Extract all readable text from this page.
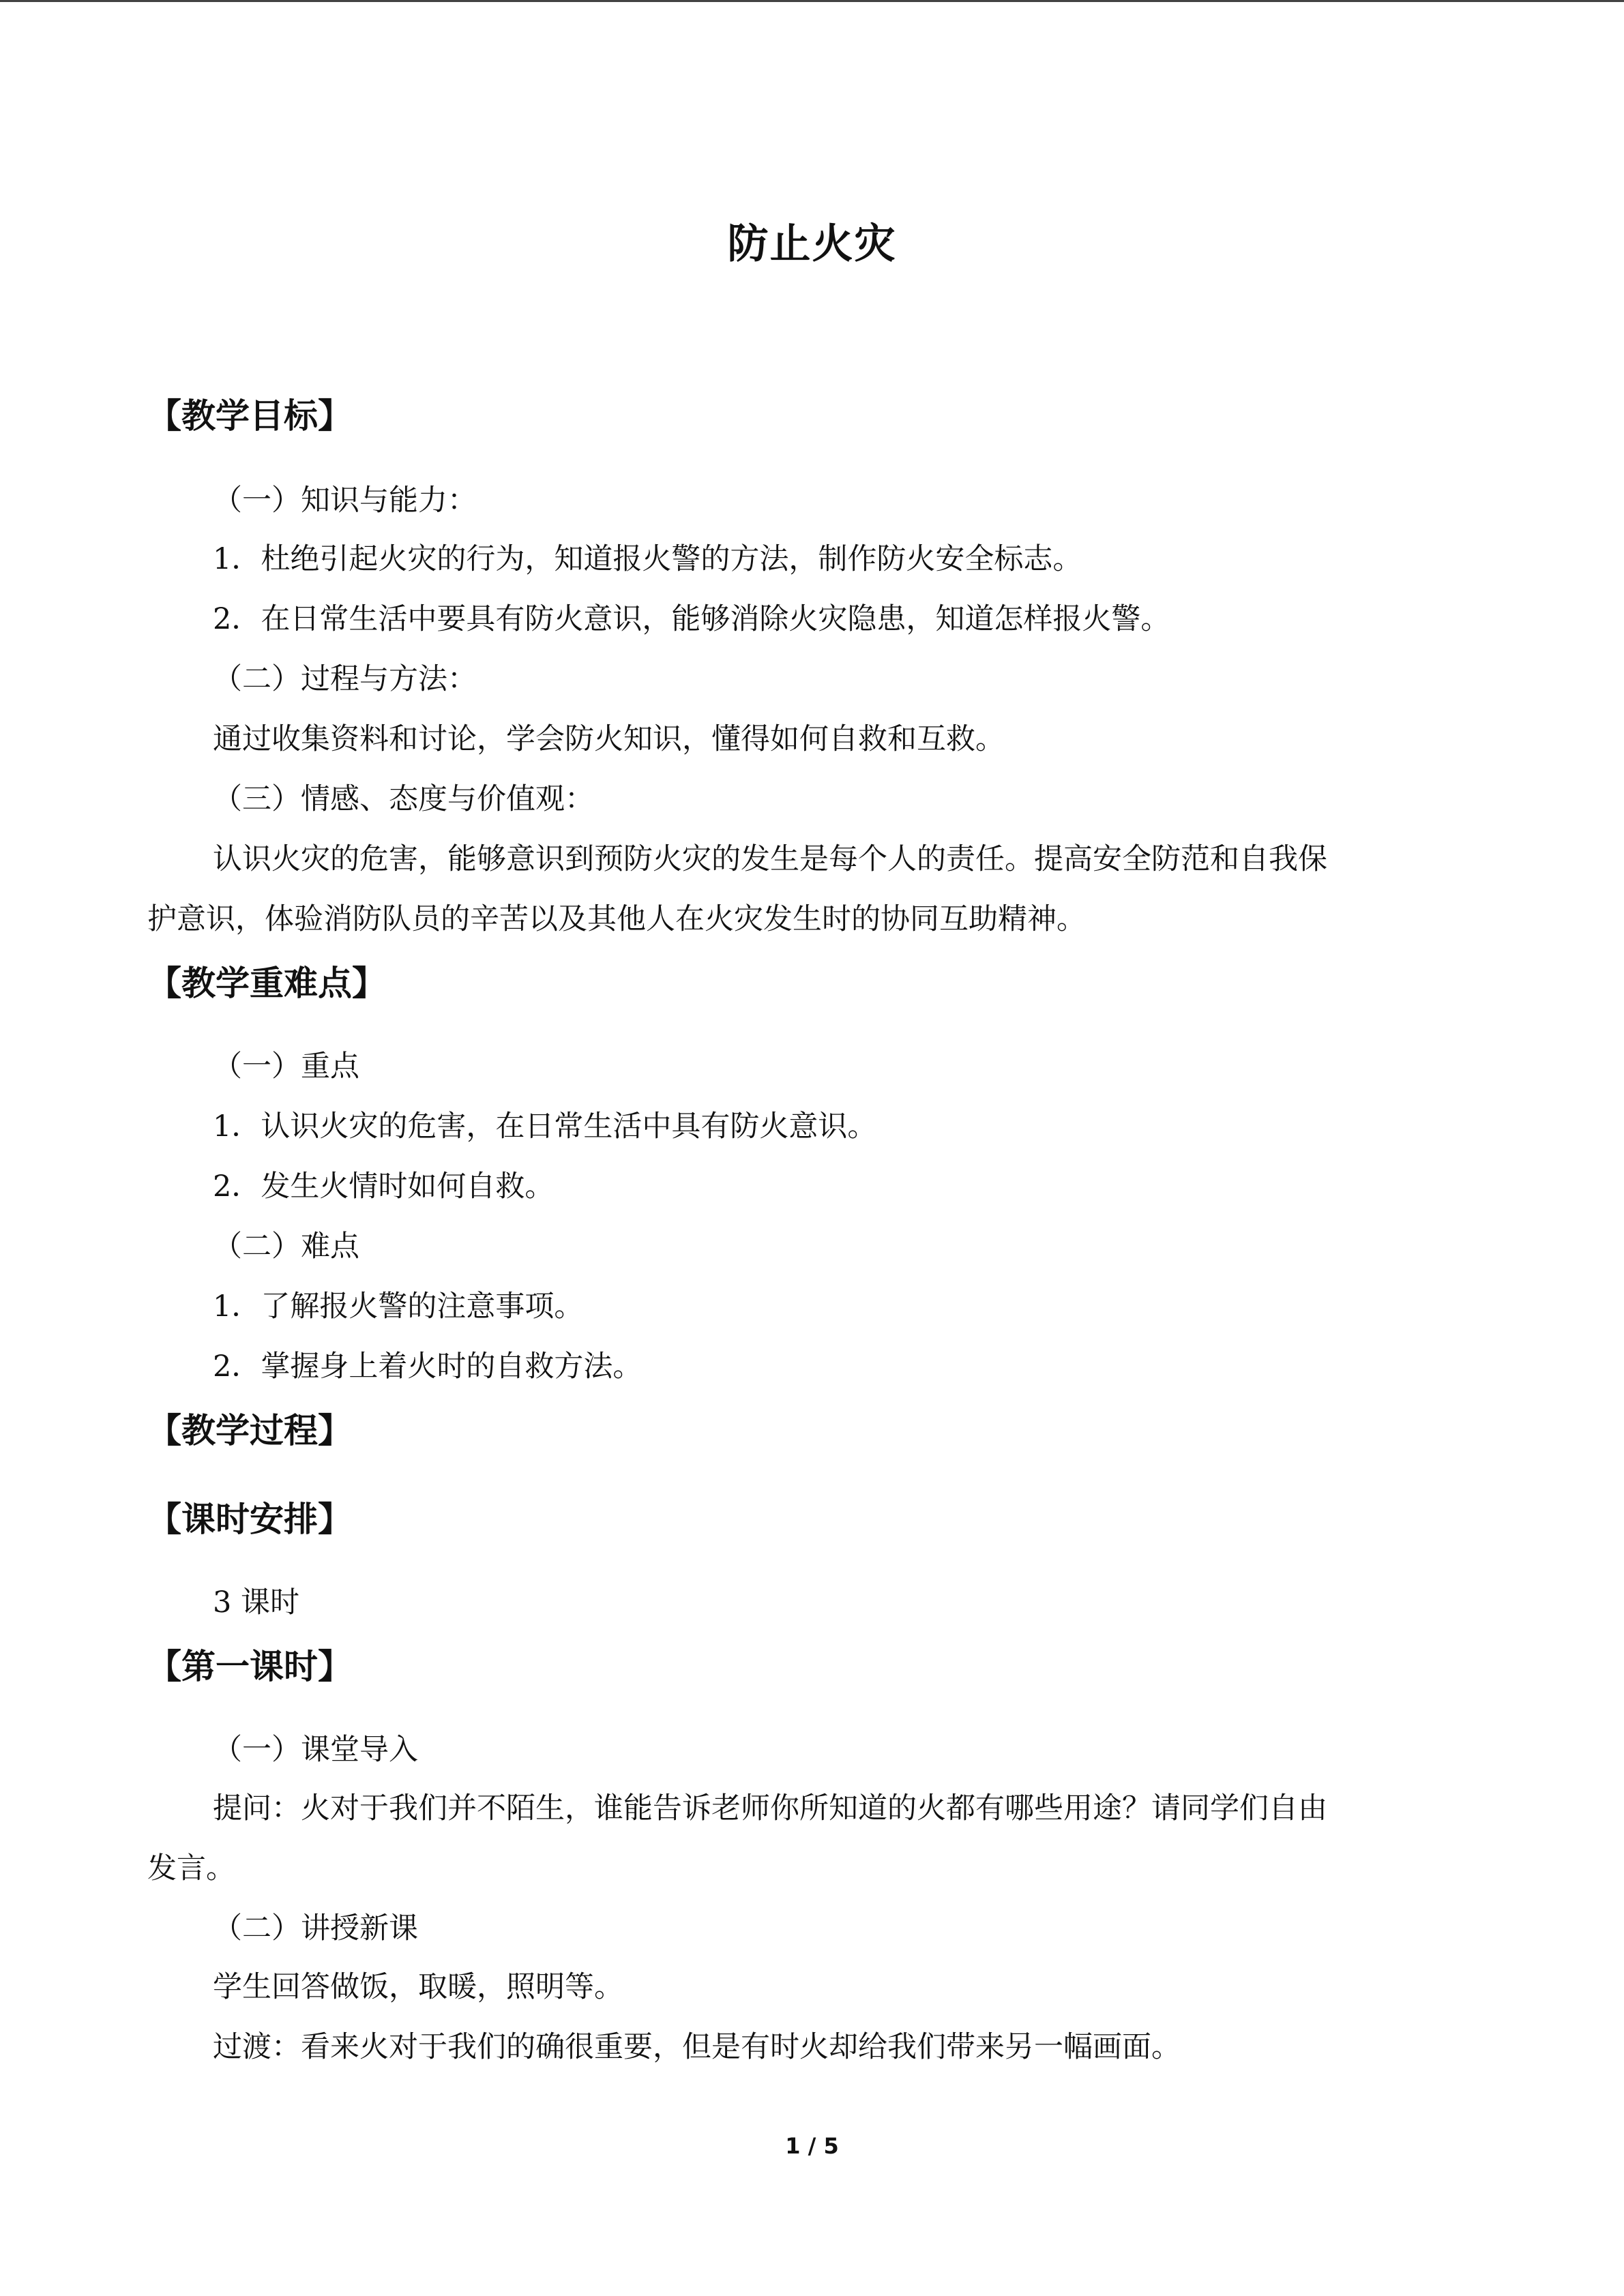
防止火灾
【教学目标】
（一）知识与能力：
1．杜绝引起火灾的行为，知道报火警的方法，制作防火安全标志。
2．在日常生活中要具有防火意识，能够消除火灾隐患，知道怎样报火警。
（二）过程与方法：
通过收集资料和讨论，学会防火知识，懂得如何自救和互救。
（三）情感、态度与价值观：
认识火灾的危害，能够意识到预防火灾的发生是每个人的责任。提高安全防范和自我保
护意识，体验消防队员的辛苦以及其他人在火灾发生时的协同互助精神。
【教学重难点】
（一）重点
1．认识火灾的危害，在日常生活中具有防火意识。
2．发生火情时如何自救。
（二）难点
1．了解报火警的注意事项。
2．掌握身上着火时的自救方法。
【教学过程】
【课时安排】
3 课时
【第一课时】
（一）课堂导入
提问：火对于我们并不陌生，谁能告诉老师你所知道的火都有哪些用途？请同学们自由
发言。
（二）讲授新课
学生回答做饭，取暖，照明等。
过渡：看来火对于我们的确很重要，但是有时火却给我们带来另一幅画面。
1 / 5
